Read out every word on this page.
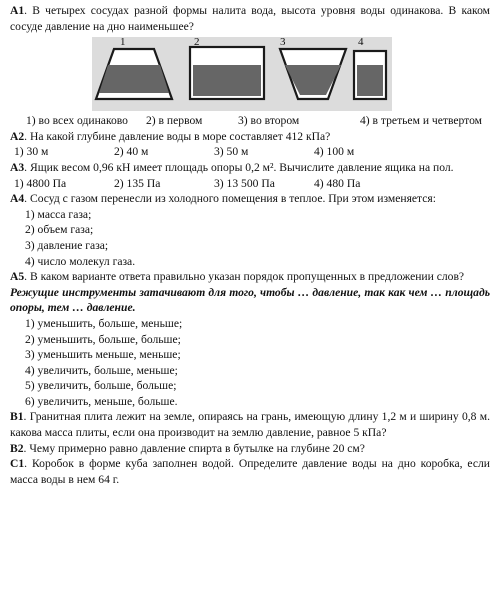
А1. В четырех сосудах разной формы налита вода, высота уровня воды одинакова. В каком сосуде давление на дно наименьшее?

1	2	3	4
1) во всех одинаково	2) в первом	3) во втором	4) в третьем и четвертом

А2. На какой глубине давление воды в море составляет 412 кПа?

1) 30 м	2) 40 м	3) 50 м	4) 100 м

А3. Ящик весом 0,96 кН имеет площадь опоры 0,2 м². Вычислите давление ящика на пол.

1) 4800 Па	2) 135 Па	3) 13 500 Па	4) 480 Па

А4. Сосуд с газом перенесли из холодного помещения в теплое. При этом изменяется:

1) масса газа;
2) объем газа;
3) давление газа;
4) число молекул газа.

А5. В каком варианте ответа правильно указан порядок пропущенных в предложении слов?

Режущие инструменты затачивают для того, чтобы … давление, так как чем … площадь опоры, тем … давление.

1) уменьшить, больше, меньше;
2) уменьшить, больше, больше;
3) уменьшить меньше, меньше;
4) увеличить, больше, меньше;
5) увеличить, больше, больше;
6) увеличить, меньше, больше.

В1. Гранитная плита лежит на земле, опираясь на грань, имеющую длину 1,2 м и ширину 0,8 м. какова масса плиты, если она производит на землю давление, равное 5 кПа?

В2. Чему примерно равно давление спирта в бутылке на глубине 20 см?

С1. Коробок в форме куба заполнен водой. Определите давление воды на дно коробка, если масса воды в нем 64 г.
